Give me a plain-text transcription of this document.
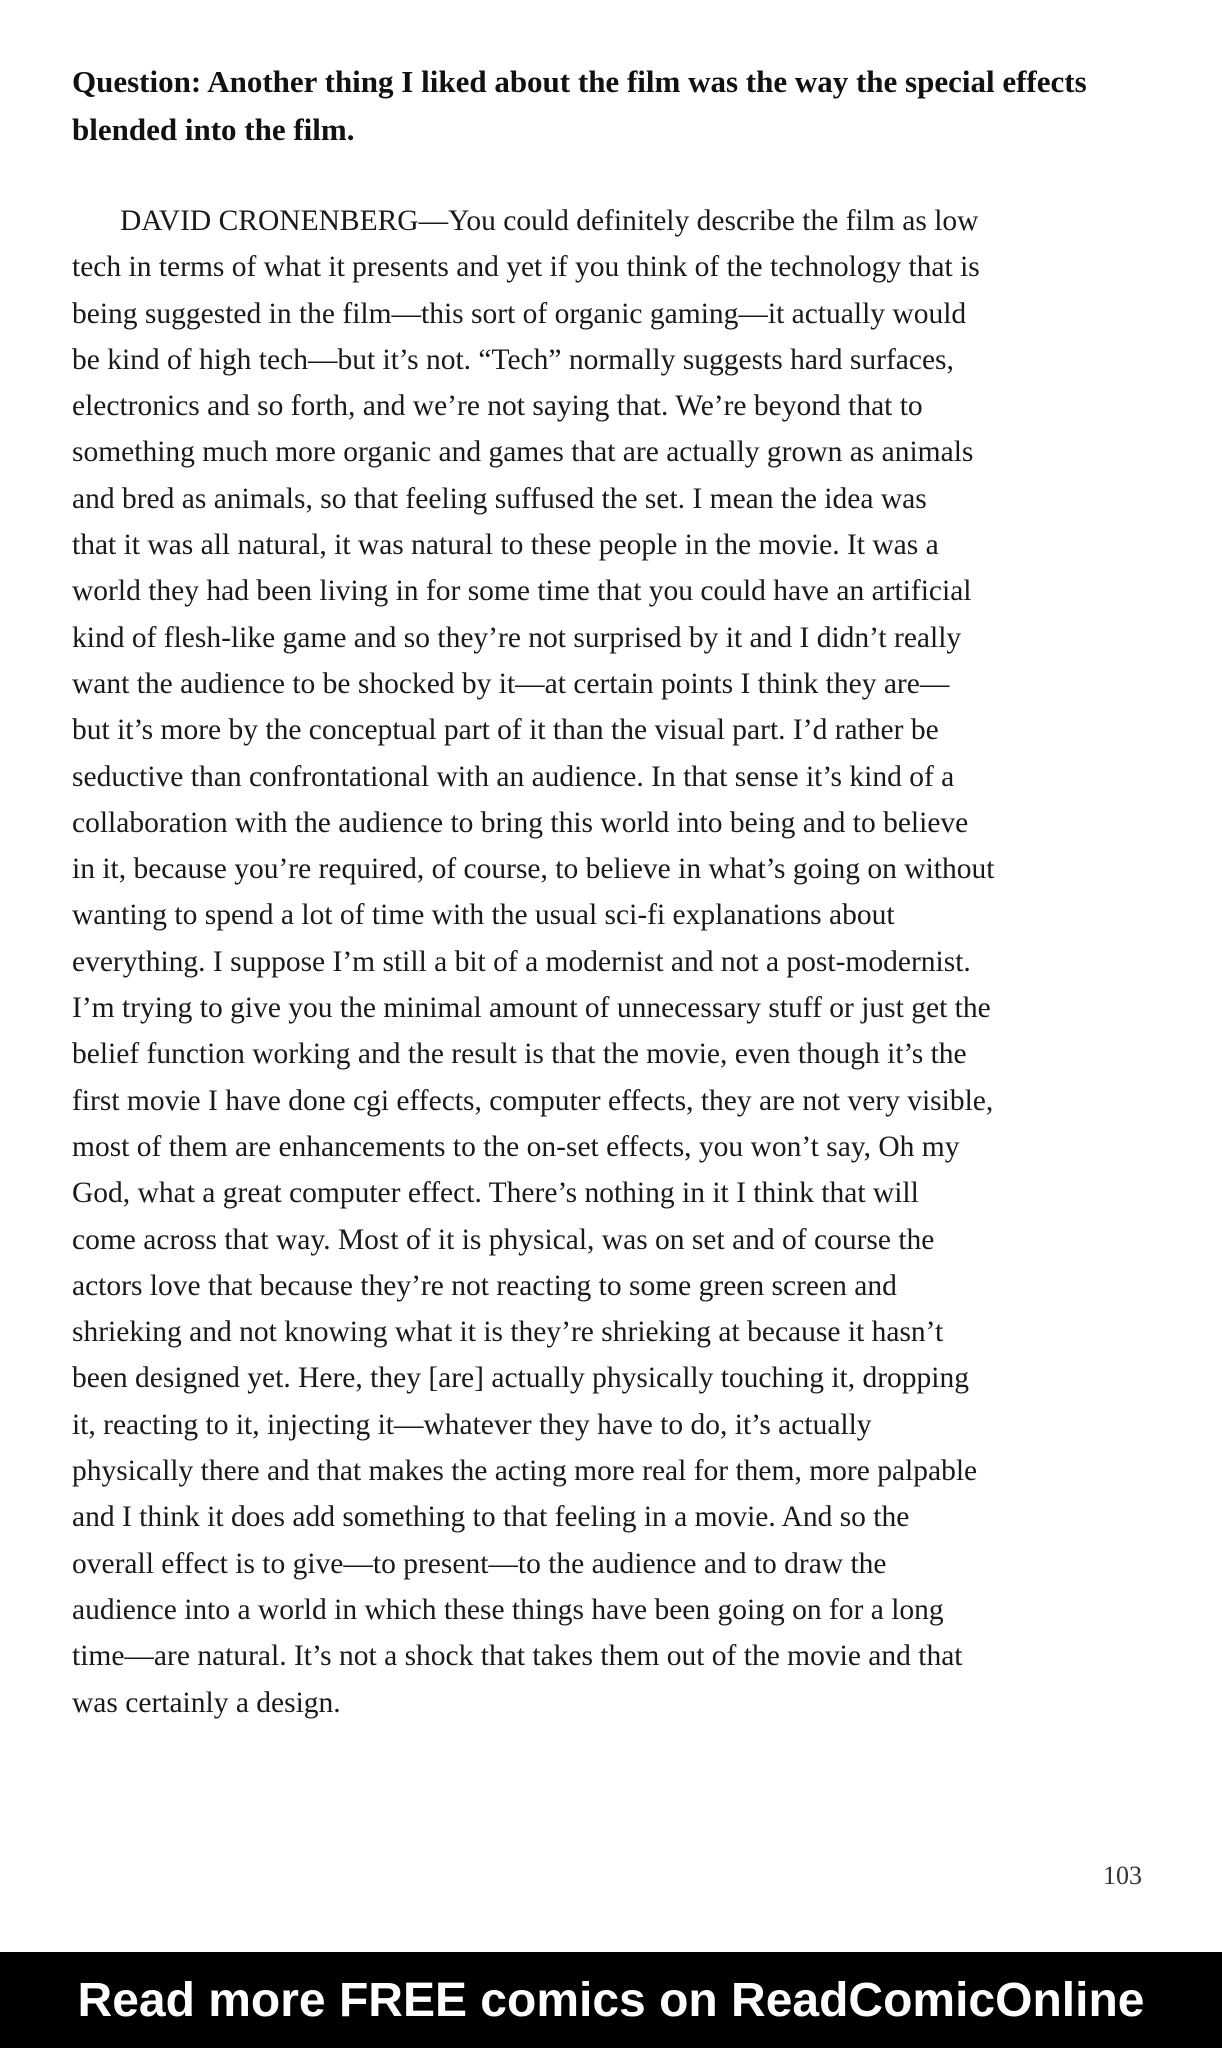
Question: Another thing I liked about the film was the way the special effects blended into the film.
DAVID CRONENBERG—You could definitely describe the film as low
tech in terms of what it presents and yet if you think of the technology that is
being suggested in the film—this sort of organic gaming—it actually would
be kind of high tech—but it’s not. “Tech” normally suggests hard surfaces,
electronics and so forth, and we’re not saying that. We’re beyond that to
something much more organic and games that are actually grown as animals
and bred as animals, so that feeling suffused the set. I mean the idea was
that it was all natural, it was natural to these people in the movie. It was a
world they had been living in for some time that you could have an artificial
kind of flesh-like game and so they’re not surprised by it and I didn’t really
want the audience to be shocked by it—at certain points I think they are—
but it’s more by the conceptual part of it than the visual part. I’d rather be
seductive than confrontational with an audience. In that sense it’s kind of a
collaboration with the audience to bring this world into being and to believe
in it, because you’re required, of course, to believe in what’s going on without
wanting to spend a lot of time with the usual sci-fi explanations about
everything. I suppose I’m still a bit of a modernist and not a post-modernist.
I’m trying to give you the minimal amount of unnecessary stuff or just get the
belief function working and the result is that the movie, even though it’s the
first movie I have done cgi effects, computer effects, they are not very visible,
most of them are enhancements to the on-set effects, you won’t say, Oh my
God, what a great computer effect. There’s nothing in it I think that will
come across that way. Most of it is physical, was on set and of course the
actors love that because they’re not reacting to some green screen and
shrieking and not knowing what it is they’re shrieking at because it hasn’t
been designed yet. Here, they [are] actually physically touching it, dropping
it, reacting to it, injecting it—whatever they have to do, it’s actually
physically there and that makes the acting more real for them, more palpable
and I think it does add something to that feeling in a movie. And so the
overall effect is to give—to present—to the audience and to draw the
audience into a world in which these things have been going on for a long
time—are natural. It’s not a shock that takes them out of the movie and that
was certainly a design.
103
Read more FREE comics on ReadComicOnline
